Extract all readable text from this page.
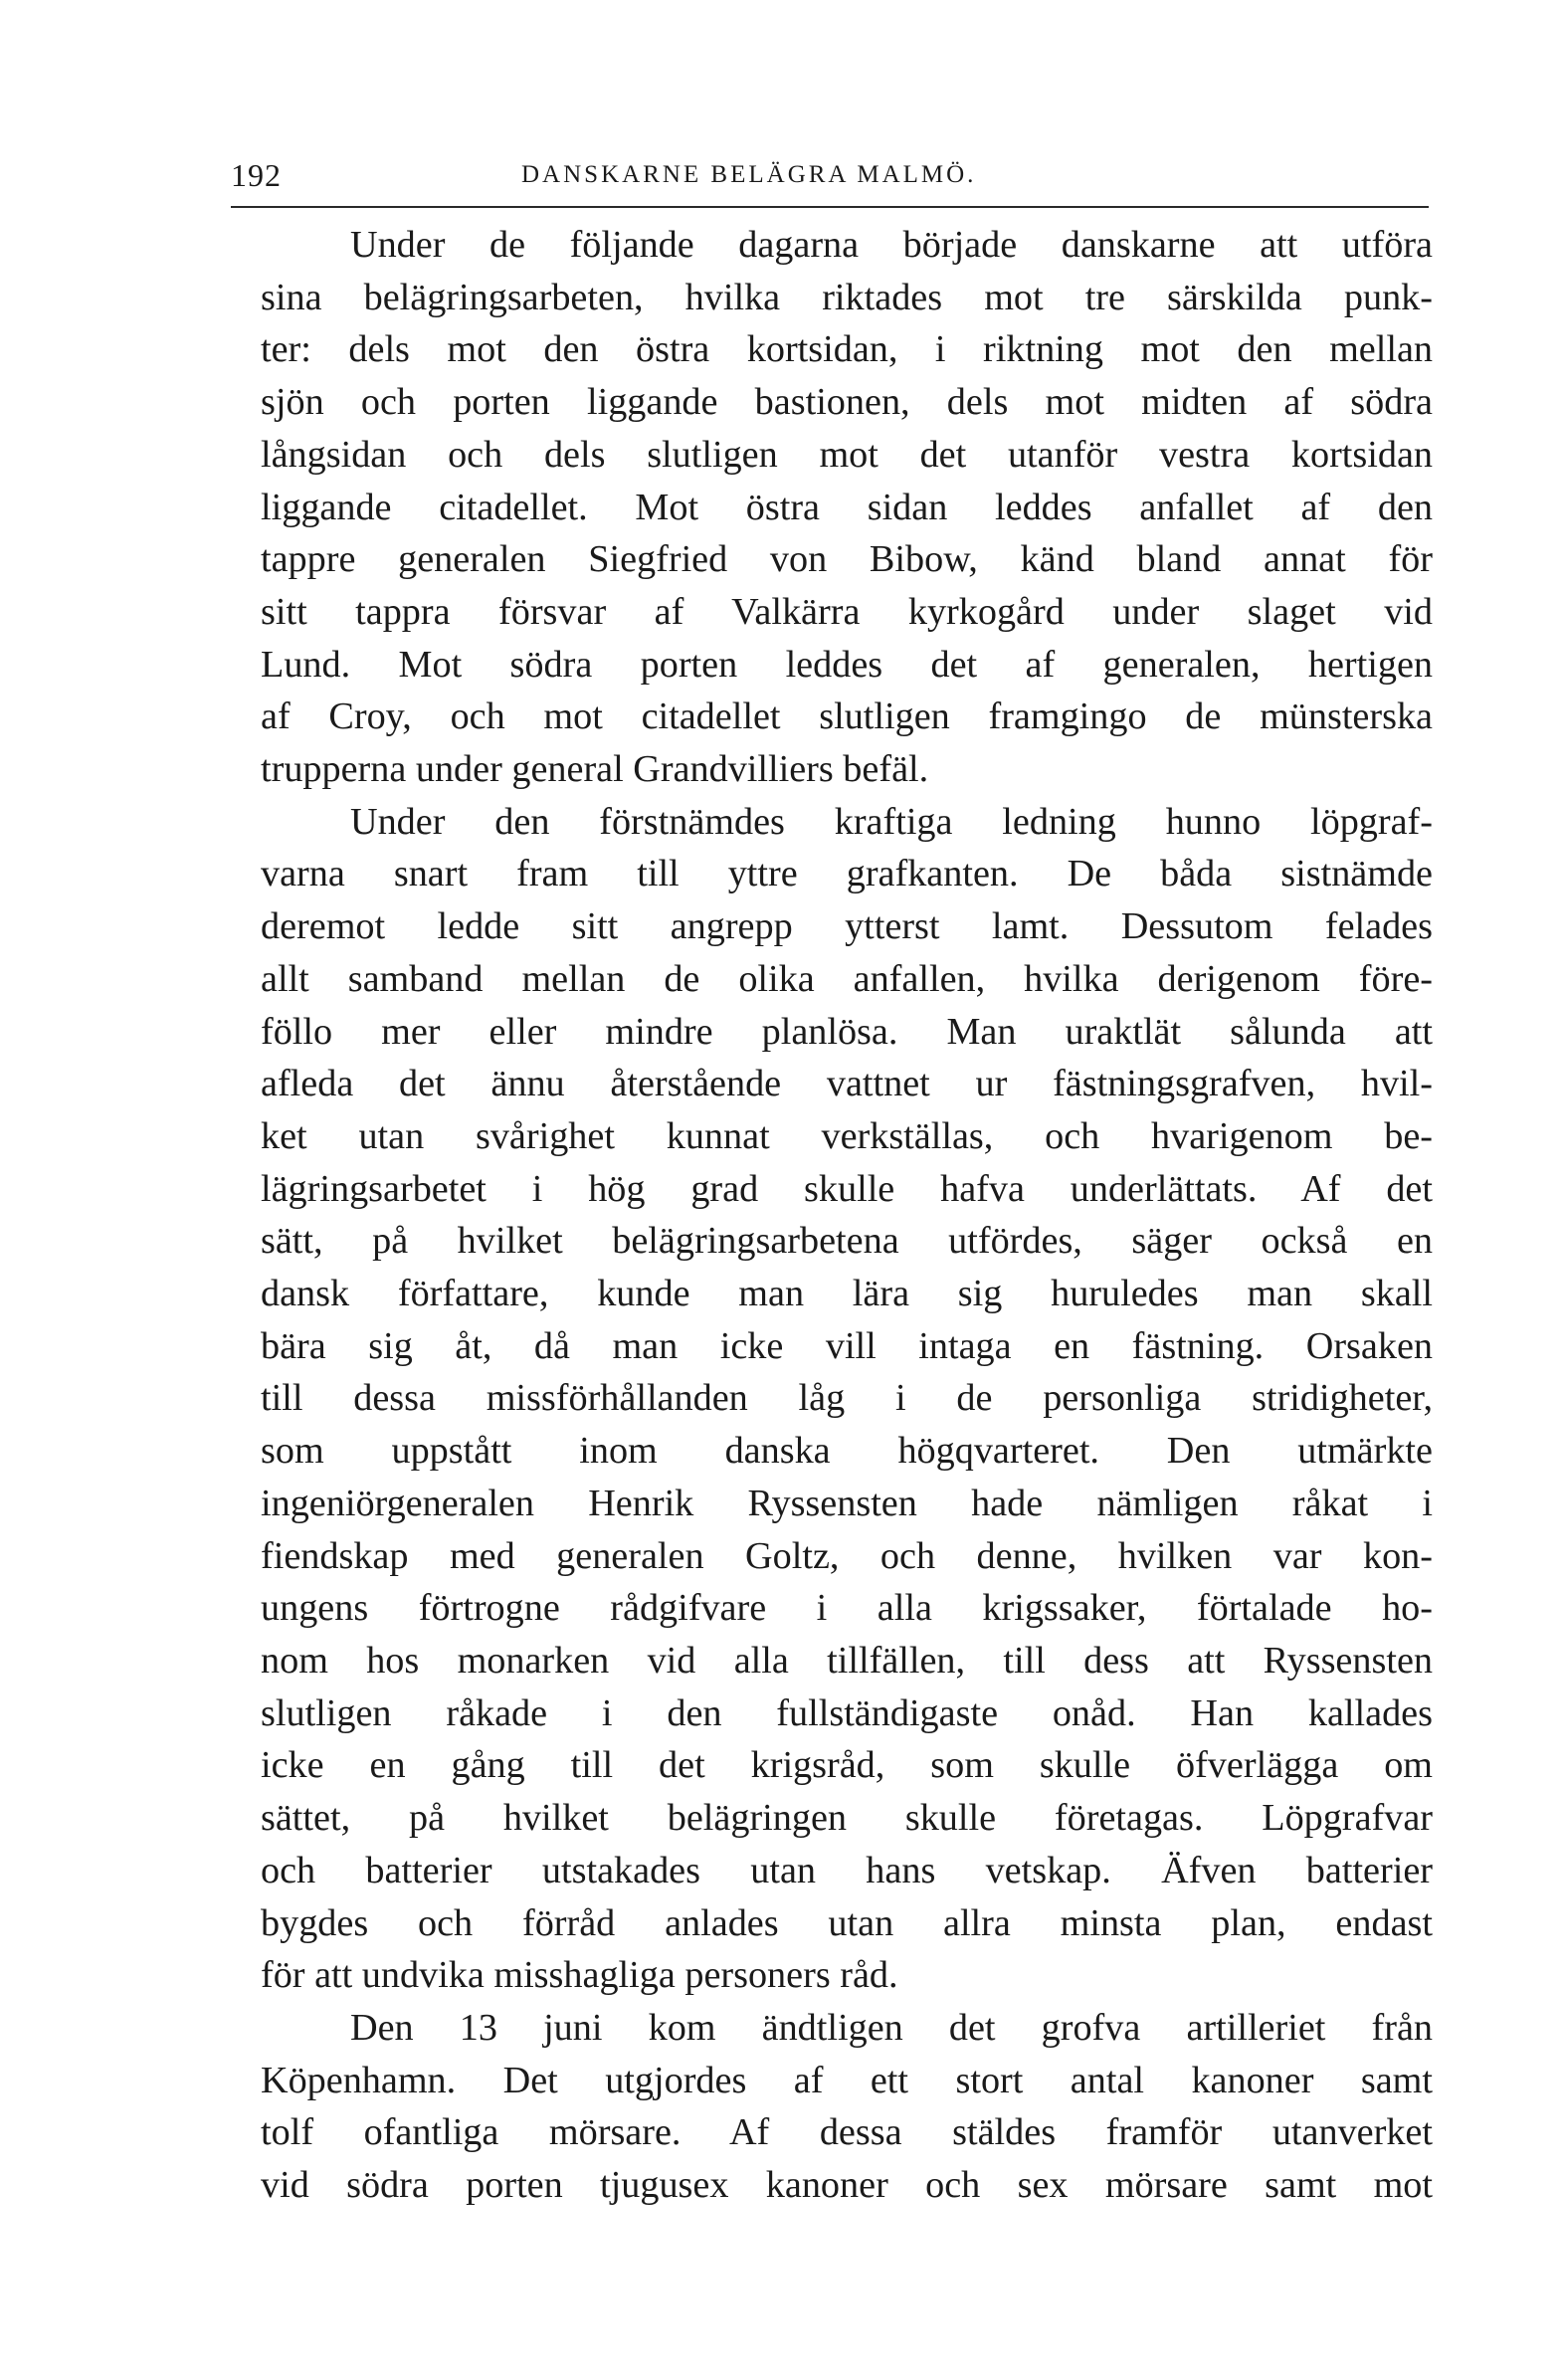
192	DANSKARNE BELÄGRA MALMÖ.
Under de följande dagarna började danskarne att utföra
sina belägringsarbeten, hvilka riktades mot tre särskilda punk-
ter: dels mot den östra kortsidan, i riktning mot den mellan
sjön och porten liggande bastionen, dels mot midten af södra
långsidan och dels slutligen mot det utanför vestra kortsidan
liggande citadellet. Mot östra sidan leddes anfallet af den
tappre generalen Siegfried von Bibow, känd bland annat för
sitt tappra försvar af Valkärra kyrkogård under slaget vid
Lund. Mot södra porten leddes det af generalen, hertigen
af Croy, och mot citadellet slutligen framgingo de münsterska
trupperna under general Grandvilliers befäl.
Under den förstnämdes kraftiga ledning hunno löpgraf-
varna snart fram till yttre grafkanten. De båda sistnämde
deremot ledde sitt angrepp ytterst lamt. Dessutom felades
allt samband mellan de olika anfallen, hvilka derigenom före-
föllo mer eller mindre planlösa. Man uraktlät sålunda att
afleda det ännu återstående vattnet ur fästningsgrafven, hvil-
ket utan svårighet kunnat verkställas, och hvarigenom be-
lägringsarbetet i hög grad skulle hafva underlättats. Af det
sätt, på hvilket belägringsarbetena utfördes, säger också en
dansk författare, kunde man lära sig huruledes man skall
bära sig åt, då man icke vill intaga en fästning. Orsaken
till dessa missförhållanden låg i de personliga stridigheter,
som uppstått inom danska högqvarteret. Den utmärkte
ingeniörgeneralen Henrik Ryssensten hade nämligen råkat i
fiendskap med generalen Goltz, och denne, hvilken var kon-
ungens förtrogne rådgifvare i alla krigssaker, förtalade ho-
nom hos monarken vid alla tillfällen, till dess att Ryssensten
slutligen råkade i den fullständigaste onåd. Han kallades
icke en gång till det krigsråd, som skulle öfverlägga om
sättet, på hvilket belägringen skulle företagas. Löpgrafvar
och batterier utstakades utan hans vetskap. Äfven batterier
bygdes och förråd anlades utan allra minsta plan, endast
för att undvika misshagliga personers råd.
Den 13 juni kom ändtligen det grofva artilleriet från
Köpenhamn. Det utgjordes af ett stort antal kanoner samt
tolf ofantliga mörsare. Af dessa stäldes framför utanverket
vid södra porten tjugusex kanoner och sex mörsare samt mot
